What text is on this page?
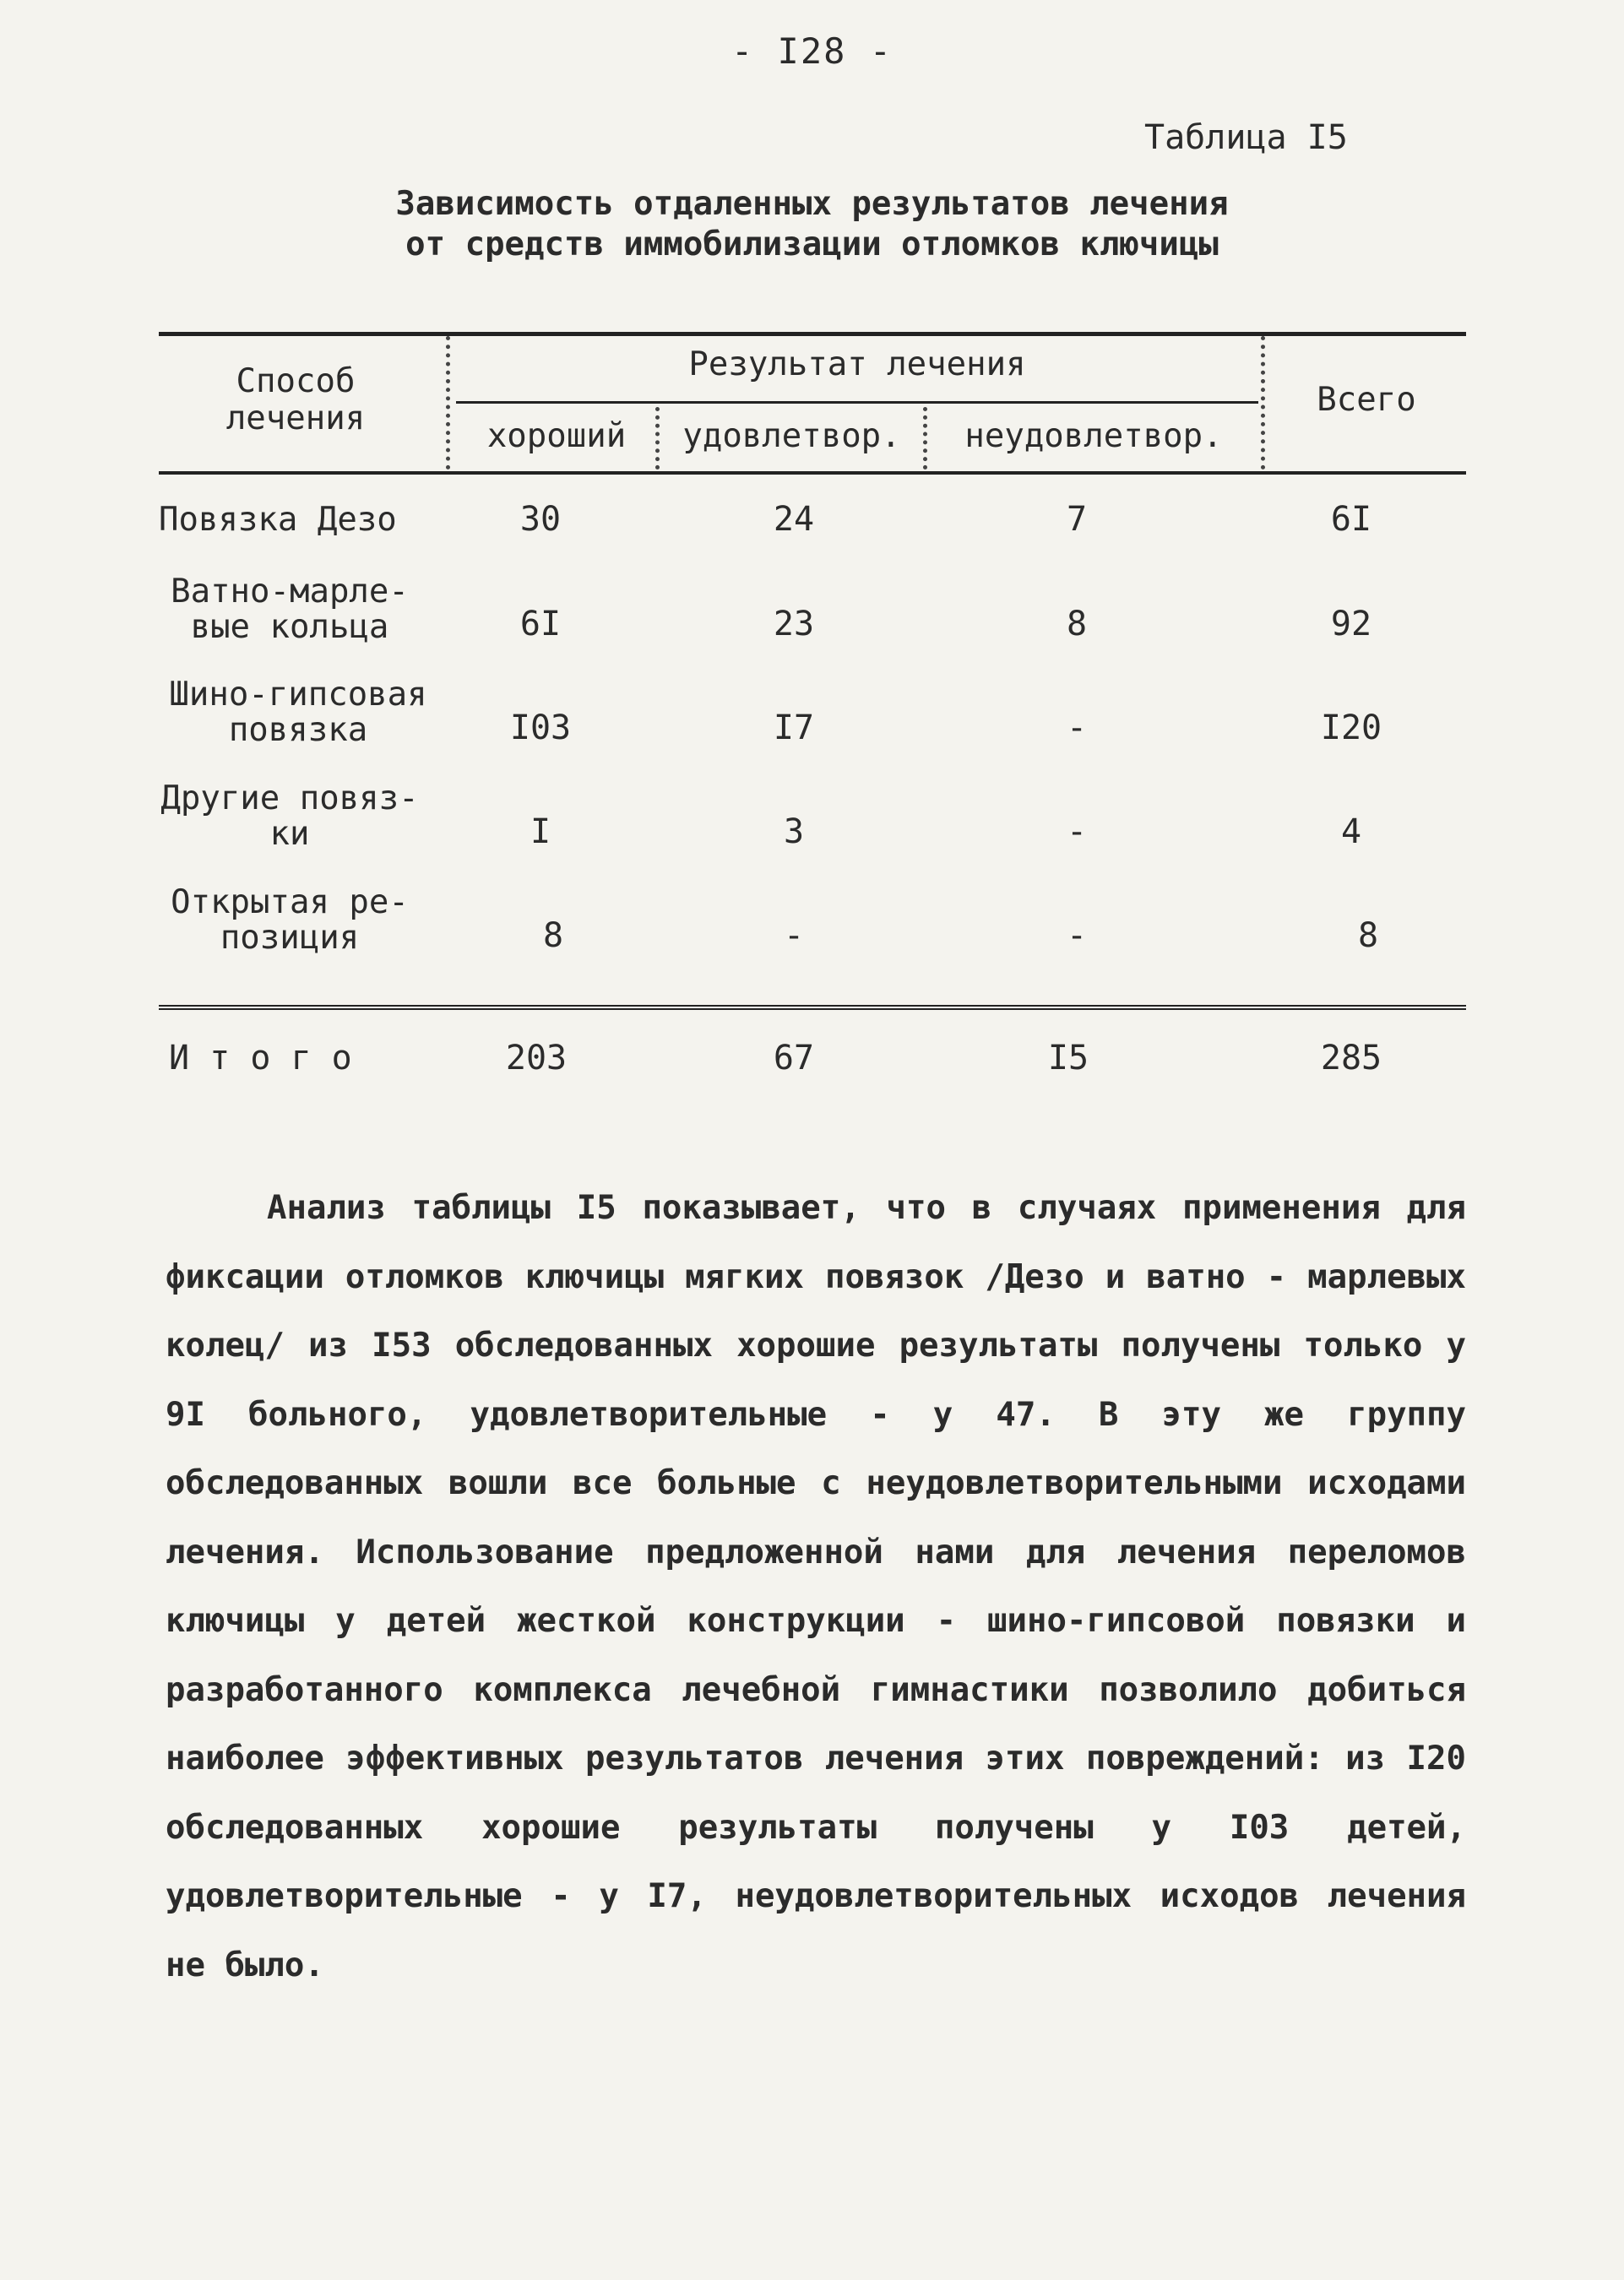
- I28 -
Таблица I5
Зависимость отдаленных результатов лечения
от средств иммобилизации отломков ключицы
Способ
лечения
Результат лечения
хороший	удовлетвор.	неудовлетвор.
Всего
Повязка Дезо	30	24	7	6I
Ватно-марле-
вые кольца	6I	23	8	92
Шино-гипсовая
повязка	I03	I7	-	I20
Другие повяз-
ки	I	3	-	4
Открытая ре-
позиция	8	-	-	8
И т о г о	203	67	I5	285
Анализ таблицы I5 показывает, что в случаях применения для фиксации отломков ключицы мягких повязок /Дезо и ватно - марлевых колец/ из I53 обследованных хорошие результаты получены только у 9I больного, удовлетворительные - у 47. В эту же группу обследованных вошли все больные с неудовлетворительными исходами лечения. Использование предложенной нами для лечения переломов ключицы у детей жесткой конструкции - шино-гипсовой повязки и разработанного комплекса лечебной гимнастики позволило добиться наиболее эффективных результатов лечения этих повреждений: из I20 обследованных хорошие результаты получены у I03 детей, удовлетворительные - у I7, неудовлетворительных исходов лечения не было.
